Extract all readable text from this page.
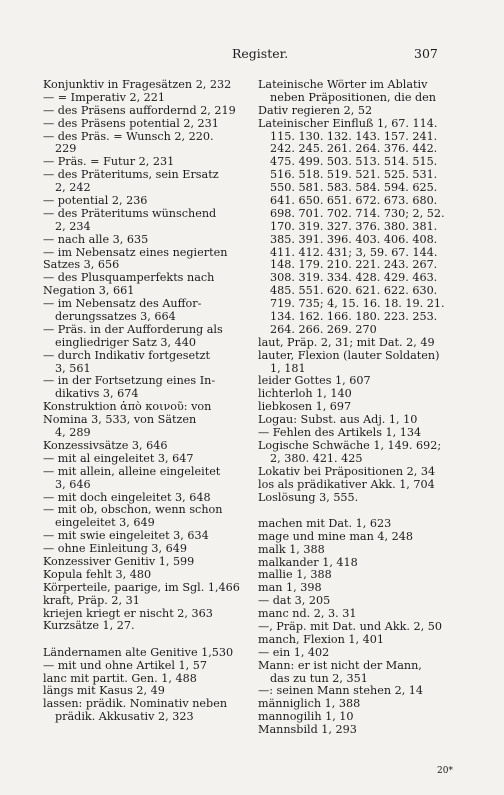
Register.	307
Konjunktiv in Fragesätzen 2, 232
— = Imperativ 2, 221
— des Präsens auffordernd 2, 219
— des Präsens potential 2, 231
— des Präs. = Wunsch 2, 220.
229
— Präs. = Futur 2, 231
— des Präteritums, sein Ersatz
2, 242
— potential 2, 236
— des Präteritums wünschend
2, 234
— nach alle 3, 635
— im Nebensatz eines negierten
Satzes 3, 656
— des Plusquamperfekts nach
Negation 3, 661
— im Nebensatz des Auffor-
derungssatzes 3, 664
— Präs. in der Aufforderung als
eingliedriger Satz 3, 440
— durch Indikativ fortgesetzt
3, 561
— in der Fortsetzung eines In-
dikativs 3, 674
Konstruktion ἀπὸ κοινοῦ: von
Nomina 3, 533, von Sätzen
4, 289
Konzessivsätze 3, 646
— mit al eingeleitet 3, 647
— mit allein, alleine eingeleitet
3, 646
— mit doch eingeleitet 3, 648
— mit ob, obschon, wenn schon
eingeleitet 3, 649
— mit swie eingeleitet 3, 634
— ohne Einleitung 3, 649
Konzessiver Genitiv 1, 599
Kopula fehlt 3, 480
Körperteile, paarige, im Sgl. 1,466
kraft, Präp. 2, 31
kriejen kriegt er nischt 2, 363
Kurzsätze 1, 27.
Ländernamen alte Genitive 1,530
— mit und ohne Artikel 1, 57
lanc mit partit. Gen. 1, 488
längs mit Kasus 2, 49
lassen: prädik. Nominativ neben
prädik. Akkusativ 2, 323
Lateinische Wörter im Ablativ
neben Präpositionen, die den
Dativ regieren 2, 52
Lateinischer Einfluß 1, 67. 114.
115. 130. 132. 143. 157. 241.
242. 245. 261. 264. 376. 442.
475. 499. 503. 513. 514. 515.
516. 518. 519. 521. 525. 531.
550. 581. 583. 584. 594. 625.
641. 650. 651. 672. 673. 680.
698. 701. 702. 714. 730; 2, 52.
170. 319. 327. 376. 380. 381.
385. 391. 396. 403. 406. 408.
411. 412. 431; 3, 59. 67. 144.
148. 179. 210. 221. 243. 267.
308. 319. 334. 428. 429. 463.
485. 551. 620. 621. 622. 630.
719. 735; 4, 15. 16. 18. 19. 21.
134. 162. 166. 180. 223. 253.
264. 266. 269. 270
laut, Präp. 2, 31; mit Dat. 2, 49
lauter, Flexion (lauter Soldaten)
1, 181
leider Gottes 1, 607
lichterloh 1, 140
liebkosen 1, 697
Logau: Subst. aus Adj. 1, 10
— Fehlen des Artikels 1, 134
Logische Schwäche 1, 149. 692;
2, 380. 421. 425
Lokativ bei Präpositionen 2, 34
los als prädikativer Akk. 1, 704
Loslösung 3, 555.
machen mit Dat. 1, 623
mage und mine man 4, 248
malk 1, 388
malkander 1, 418
mallie 1, 388
man 1, 398
— dat 3, 205
manc nd. 2, 3. 31
—, Präp. mit Dat. und Akk. 2, 50
manch, Flexion 1, 401
— ein 1, 402
Mann: er ist nicht der Mann,
das zu tun 2, 351
—: seinen Mann stehen 2, 14
männiglich 1, 388
mannogilih 1, 10
Mannsbild 1, 293
20*
